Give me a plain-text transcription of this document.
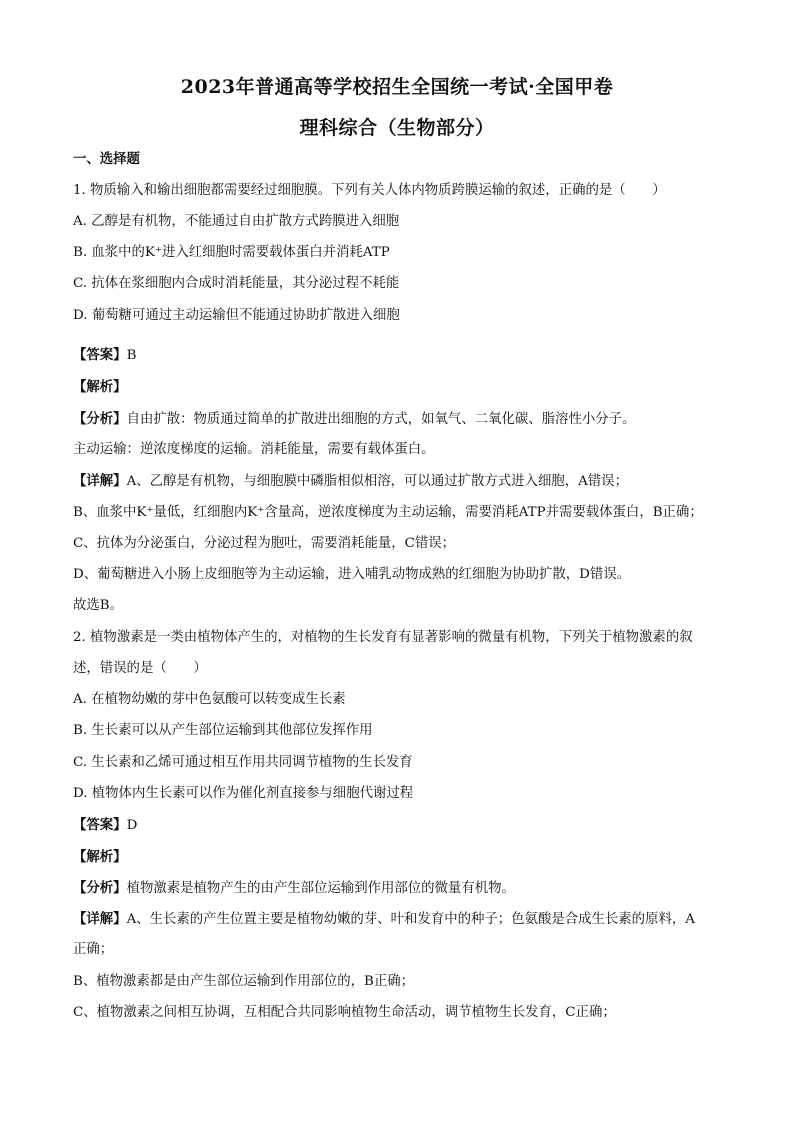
2023年普通高等学校招生全国统一考试·全国甲卷
理科综合（生物部分）
一、选择题
1. 物质输入和输出细胞都需要经过细胞膜。下列有关人体内物质跨膜运输的叙述，正确的是（　　）
A. 乙醇是有机物，不能通过自由扩散方式跨膜进入细胞
B. 血浆中的K⁺进入红细胞时需要载体蛋白并消耗ATP
C. 抗体在浆细胞内合成时消耗能量，其分泌过程不耗能
D. 葡萄糖可通过主动运输但不能通过协助扩散进入细胞
【答案】B
【解析】
【分析】自由扩散：物质通过简单的扩散进出细胞的方式，如氧气、二氧化碳、脂溶性小分子。
主动运输：逆浓度梯度的运输。消耗能量，需要有载体蛋白。
【详解】A、乙醇是有机物，与细胞膜中磷脂相似相溶，可以通过扩散方式进入细胞，A错误；
B、血浆中K⁺量低，红细胞内K⁺含量高，逆浓度梯度为主动运输，需要消耗ATP并需要载体蛋白，B正确；
C、抗体为分泌蛋白，分泌过程为胞吐，需要消耗能量，C错误；
D、葡萄糖进入小肠上皮细胞等为主动运输，进入哺乳动物成熟的红细胞为协助扩散，D错误。
故选B。
2. 植物激素是一类由植物体产生的，对植物的生长发育有显著影响的微量有机物，下列关于植物激素的叙
述，错误的是（　　）
A. 在植物幼嫩的芽中色氨酸可以转变成生长素
B. 生长素可以从产生部位运输到其他部位发挥作用
C. 生长素和乙烯可通过相互作用共同调节植物的生长发育
D. 植物体内生长素可以作为催化剂直接参与细胞代谢过程
【答案】D
【解析】
【分析】植物激素是植物产生的由产生部位运输到作用部位的微量有机物。
【详解】A、生长素的产生位置主要是植物幼嫩的芽、叶和发育中的种子；色氨酸是合成生长素的原料，A
正确；
B、植物激素都是由产生部位运输到作用部位的，B正确；
C、植物激素之间相互协调，互相配合共同影响植物生命活动，调节植物生长发育，C正确；
